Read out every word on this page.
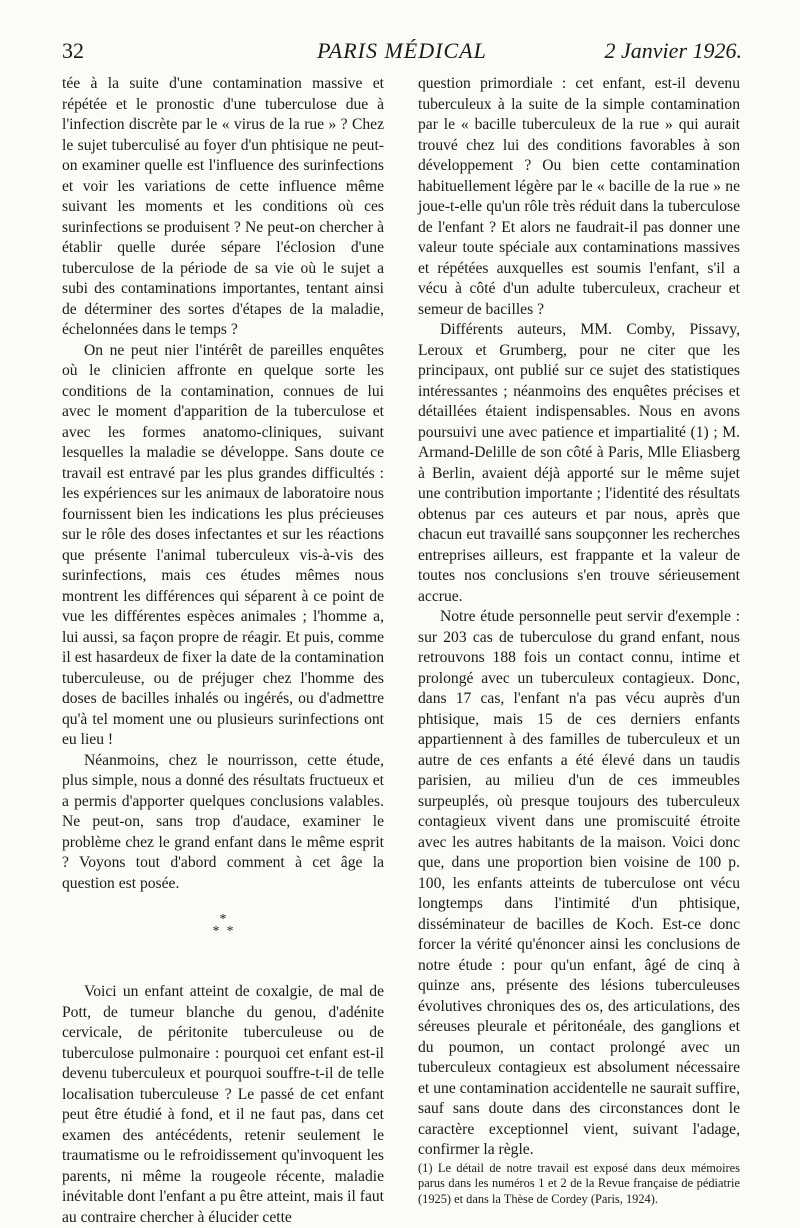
32	PARIS MÉDICAL	2 Janvier 1926.

tée à la suite d'une contamination massive et répétée et le pronostic d'une tuberculose due à l'infection discrète par le « virus de la rue » ? Chez le sujet tuberculisé au foyer d'un phtisique ne peut-on examiner quelle est l'influence des surinfections et voir les variations de cette influence même suivant les moments et les conditions où ces surinfections se produisent ? Ne peut-on chercher à établir quelle durée sépare l'éclosion d'une tuberculose de la période de sa vie où le sujet a subi des contaminations importantes, tentant ainsi de déterminer des sortes d'étapes de la maladie, échelonnées dans le temps ?

On ne peut nier l'intérêt de pareilles enquêtes où le clinicien affronte en quelque sorte les conditions de la contamination, connues de lui avec le moment d'apparition de la tuberculose et avec les formes anatomo-cliniques, suivant lesquelles la maladie se développe. Sans doute ce travail est entravé par les plus grandes difficultés : les expériences sur les animaux de laboratoire nous fournissent bien les indications les plus précieuses sur le rôle des doses infectantes et sur les réactions que présente l'animal tuberculeux vis-à-vis des surinfections, mais ces études mêmes nous montrent les différences qui séparent à ce point de vue les différentes espèces animales ; l'homme a, lui aussi, sa façon propre de réagir. Et puis, comme il est hasardeux de fixer la date de la contamination tuberculeuse, ou de préjuger chez l'homme des doses de bacilles inhalés ou ingérés, ou d'admettre qu'à tel moment une ou plusieurs surinfections ont eu lieu !

Néanmoins, chez le nourrisson, cette étude, plus simple, nous a donné des résultats fructueux et a permis d'apporter quelques conclusions valables. Ne peut-on, sans trop d'audace, examiner le problème chez le grand enfant dans le même esprit ? Voyons tout d'abord comment à cet âge la question est posée.

*
* *

Voici un enfant atteint de coxalgie, de mal de Pott, de tumeur blanche du genou, d'adénite cervicale, de péritonite tuberculeuse ou de tuberculose pulmonaire : pourquoi cet enfant est-il devenu tuberculeux et pourquoi souffre-t-il de telle localisation tuberculeuse ? Le passé de cet enfant peut être étudié à fond, et il ne faut pas, dans cet examen des antécédents, retenir seulement le traumatisme ou le refroidissement qu'invoquent les parents, ni même la rougeole récente, maladie inévitable dont l'enfant a pu être atteint, mais il faut au contraire chercher à élucider cette

question primordiale : cet enfant, est-il devenu tuberculeux à la suite de la simple contamination par le « bacille tuberculeux de la rue » qui aurait trouvé chez lui des conditions favorables à son développement ? Ou bien cette contamination habituellement légère par le « bacille de la rue » ne joue-t-elle qu'un rôle très réduit dans la tuberculose de l'enfant ? Et alors ne faudrait-il pas donner une valeur toute spéciale aux contaminations massives et répétées auxquelles est soumis l'enfant, s'il a vécu à côté d'un adulte tuberculeux, cracheur et semeur de bacilles ?

Différents auteurs, MM. Comby, Pissavy, Leroux et Grumberg, pour ne citer que les principaux, ont publié sur ce sujet des statistiques intéressantes ; néanmoins des enquêtes précises et détaillées étaient indispensables. Nous en avons poursuivi une avec patience et impartialité (1) ; M. Armand-Delille de son côté à Paris, Mlle Eliasberg à Berlin, avaient déjà apporté sur le même sujet une contribution importante ; l'identité des résultats obtenus par ces auteurs et par nous, après que chacun eut travaillé sans soupçonner les recherches entreprises ailleurs, est frappante et la valeur de toutes nos conclusions s'en trouve sérieusement accrue.

Notre étude personnelle peut servir d'exemple : sur 203 cas de tuberculose du grand enfant, nous retrouvons 188 fois un contact connu, intime et prolongé avec un tuberculeux contagieux. Donc, dans 17 cas, l'enfant n'a pas vécu auprès d'un phtisique, mais 15 de ces derniers enfants appartiennent à des familles de tuberculeux et un autre de ces enfants a été élevé dans un taudis parisien, au milieu d'un de ces immeubles surpeuplés, où presque toujours des tuberculeux contagieux vivent dans une promiscuité étroite avec les autres habitants de la maison. Voici donc que, dans une proportion bien voisine de 100 p. 100, les enfants atteints de tuberculose ont vécu longtemps dans l'intimité d'un phtisique, disséminateur de bacilles de Koch. Est-ce donc forcer la vérité qu'énoncer ainsi les conclusions de notre étude : pour qu'un enfant, âgé de cinq à quinze ans, présente des lésions tuberculeuses évolutives chroniques des os, des articulations, des séreuses pleurale et péritonéale, des ganglions et du poumon, un contact prolongé avec un tuberculeux contagieux est absolument nécessaire et une contamination accidentelle ne saurait suffire, sauf sans doute dans des circonstances dont le caractère exceptionnel vient, suivant l'adage, confirmer la règle.

(1) Le détail de notre travail est exposé dans deux mémoires parus dans les numéros 1 et 2 de la Revue française de pédiatrie (1925) et dans la Thèse de Cordey (Paris, 1924).
